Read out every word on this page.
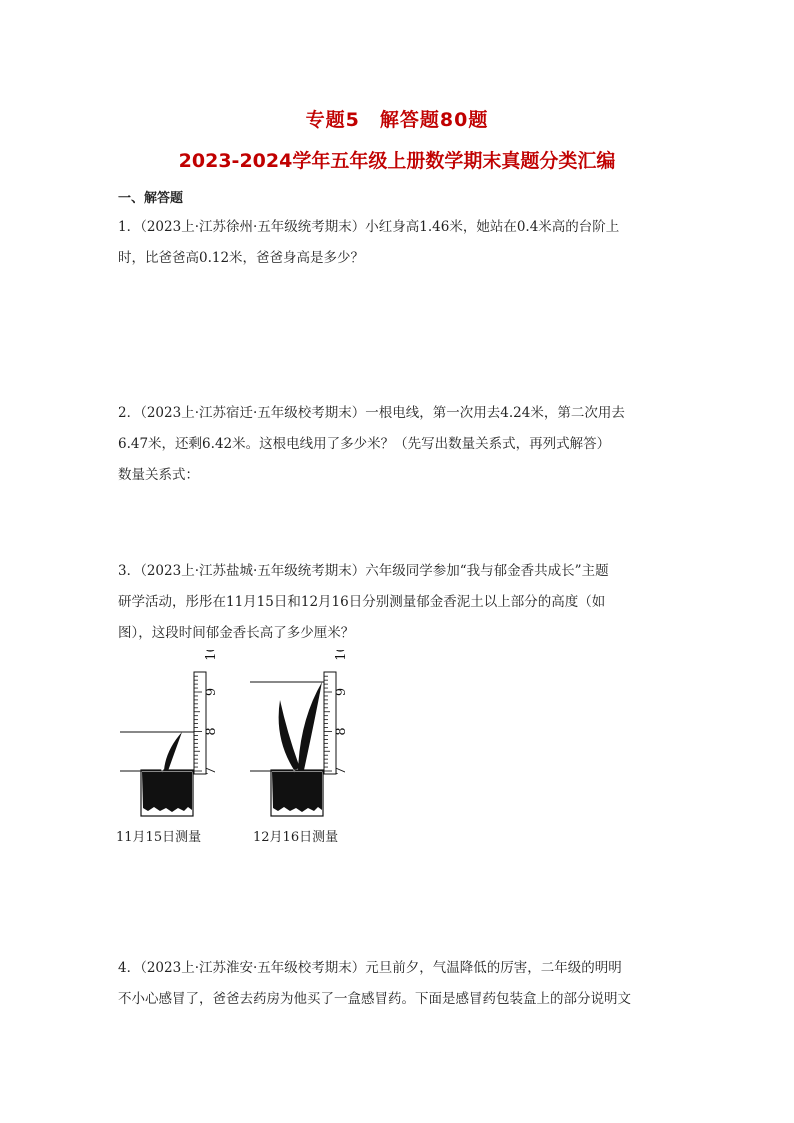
专题5　解答题80题
2023-2024学年五年级上册数学期末真题分类汇编
一、解答题
1．（2023上·江苏徐州·五年级统考期末）小红身高1.46米，她站在0.4米高的台阶上
时，比爸爸高0.12米，爸爸身高是多少？
2．（2023上·江苏宿迁·五年级校考期末）一根电线，第一次用去4.24米，第二次用去
6.47米，还剩6.42米。这根电线用了多少米？（先写出数量关系式，再列式解答）
数量关系式：
3．（2023上·江苏盐城·五年级统考期末）六年级同学参加“我与郁金香共成长”主题
研学活动，彤彤在11月15日和12月16日分别测量郁金香泥土以上部分的高度（如
图），这段时间郁金香长高了多少厘米？
7
8
9
10
7
8
9
10
11月15日测量	12月16日测量
4．（2023上·江苏淮安·五年级校考期末）元旦前夕，气温降低的厉害，二年级的明明
不小心感冒了，爸爸去药房为他买了一盒感冒药。下面是感冒药包装盒上的部分说明文
